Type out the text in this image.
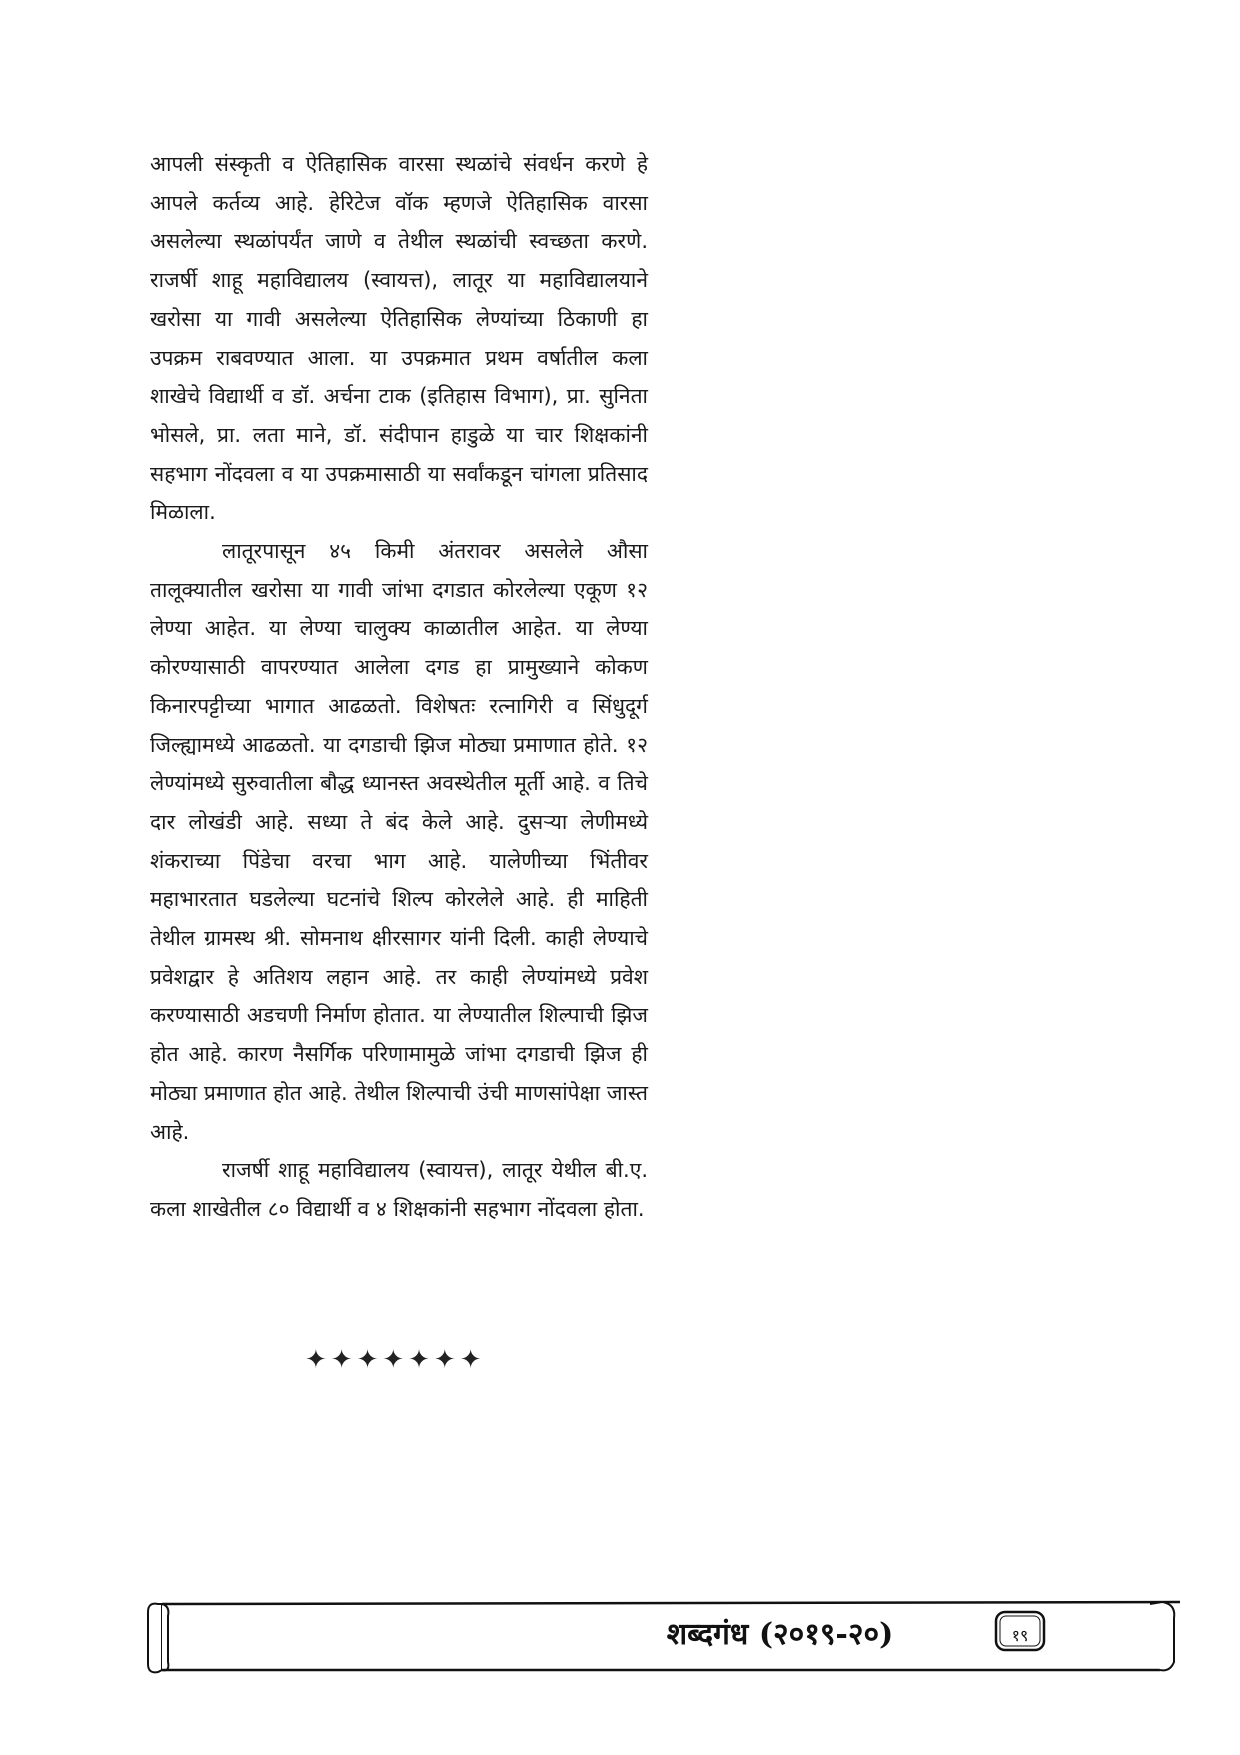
आपली संस्कृती व ऐतिहासिक वारसा स्थळांचे संवर्धन करणे हे आपले कर्तव्य आहे. हेरिटेज वॉक म्हणजे ऐतिहासिक वारसा असलेल्या स्थळांपर्यंत जाणे व तेथील स्थळांची स्वच्छता करणे. राजर्षी शाहू महाविद्यालय (स्वायत्त), लातूर या महाविद्यालयाने खरोसा या गावी असलेल्या ऐतिहासिक लेण्यांच्या ठिकाणी हा उपक्रम राबवण्यात आला. या उपक्रमात प्रथम वर्षातील कला शाखेचे विद्यार्थी व डॉ. अर्चना टाक (इतिहास विभाग), प्रा. सुनिता भोसले, प्रा. लता माने, डॉ. संदीपान हाडुळे या चार शिक्षकांनी सहभाग नोंदवला व या उपक्रमासाठी या सर्वांकडून चांगला प्रतिसाद मिळाला.

लातूरपासून ४५ किमी अंतरावर असलेले औसा तालूक्यातील खरोसा या गावी जांभा दगडात कोरलेल्या एकूण १२ लेण्या आहेत. या लेण्या चालुक्य काळातील आहेत. या लेण्या कोरण्यासाठी वापरण्यात आलेला दगड हा प्रामुख्याने कोकण किनारपट्टीच्या भागात आढळतो. विशेषतः रत्नागिरी व सिंधुदूर्ग जिल्ह्यामध्ये आढळतो. या दगडाची झिज मोठ्या प्रमाणात होते. १२ लेण्यांमध्ये सुरुवातीला बौद्ध ध्यानस्त अवस्थेतील मूर्ती आहे. व तिचे दार लोखंडी आहे. सध्या ते बंद केले आहे. दुसऱ्या लेणीमध्ये शंकराच्या पिंडेचा वरचा भाग आहे. यालेणीच्या भिंतीवर महाभारतात घडलेल्या घटनांचे शिल्प कोरलेले आहे. ही माहिती तेथील ग्रामस्थ श्री. सोमनाथ क्षीरसागर यांनी दिली. काही लेण्याचे प्रवेशद्वार हे अतिशय लहान आहे. तर काही लेण्यांमध्ये प्रवेश करण्यासाठी अडचणी निर्माण होतात. या लेण्यातील शिल्पाची झिज होत आहे. कारण नैसर्गिक परिणामामुळे जांभा दगडाची झिज ही मोठ्या प्रमाणात होत आहे. तेथील शिल्पाची उंची माणसांपेक्षा जास्त आहे.

राजर्षी शाहू महाविद्यालय (स्वायत्त), लातूर येथील बी.ए. कला शाखेतील ८० विद्यार्थी व ४ शिक्षकांनी सहभाग नोंदवला होता.

✦✦✦✦✦✦✦
शब्दगंध (२०१९-२०)	१९
